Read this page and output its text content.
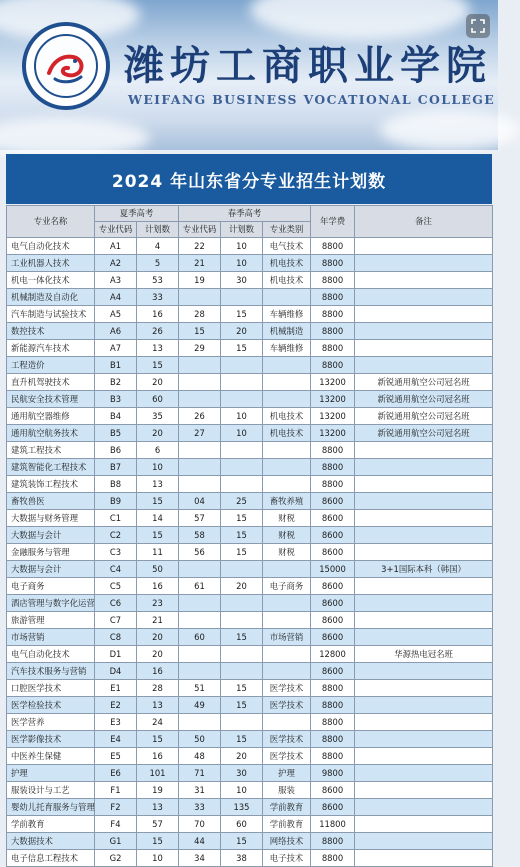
潍坊工商职业学院
WEIFANG BUSINESS VOCATIONAL COLLEGE
2024 年山东省分专业招生计划数
专业名称	夏季高考		春季高考			年学费	备注
	专业代码	计划数	专业代码	计划数	专业类别		
电气自动化技术	A1	4	22	10	电气技术	8800	
工业机器人技术	A2	5	21	10	机电技术	8800	
机电一体化技术	A3	53	19	30	机电技术	8800	
机械制造及自动化	A4	33				8800	
汽车制造与试验技术	A5	16	28	15	车辆维修	8800	
数控技术	A6	26	15	20	机械制造	8800	
新能源汽车技术	A7	13	29	15	车辆维修	8800	
工程造价	B1	15				8800	
直升机驾驶技术	B2	20				13200	新锐通用航空公司冠名班
民航安全技术管理	B3	60				13200	新锐通用航空公司冠名班
通用航空器维修	B4	35	26	10	机电技术	13200	新锐通用航空公司冠名班
通用航空航务技术	B5	20	27	10	机电技术	13200	新锐通用航空公司冠名班
建筑工程技术	B6	6				8800	
建筑智能化工程技术	B7	10				8800	
建筑装饰工程技术	B8	13				8800	
畜牧兽医	B9	15	04	25	畜牧养殖	8600	
大数据与财务管理	C1	14	57	15	财税	8600	
大数据与会计	C2	15	58	15	财税	8600	
金融服务与管理	C3	11	56	15	财税	8600	
大数据与会计	C4	50				15000	3+1国际本科（韩国）
电子商务	C5	16	61	20	电子商务	8600	
酒店管理与数字化运营	C6	23				8600	
旅游管理	C7	21				8600	
市场营销	C8	20	60	15	市场营销	8600	
电气自动化技术	D1	20				12800	华源热电冠名班
汽车技术服务与营销	D4	16				8600	
口腔医学技术	E1	28	51	15	医学技术	8800	
医学检验技术	E2	13	49	15	医学技术	8800	
医学营养	E3	24				8800	
医学影像技术	E4	15	50	15	医学技术	8800	
中医养生保健	E5	16	48	20	医学技术	8800	
护理	E6	101	71	30	护理	9800	
服装设计与工艺	F1	19	31	10	服装	8600	
婴幼儿托育服务与管理	F2	13	33	135	学前教育	8600	
学前教育	F4	57	70	60	学前教育	11800	
大数据技术	G1	15	44	15	网络技术	8800	
电子信息工程技术	G2	10	34	38	电子技术	8800	
